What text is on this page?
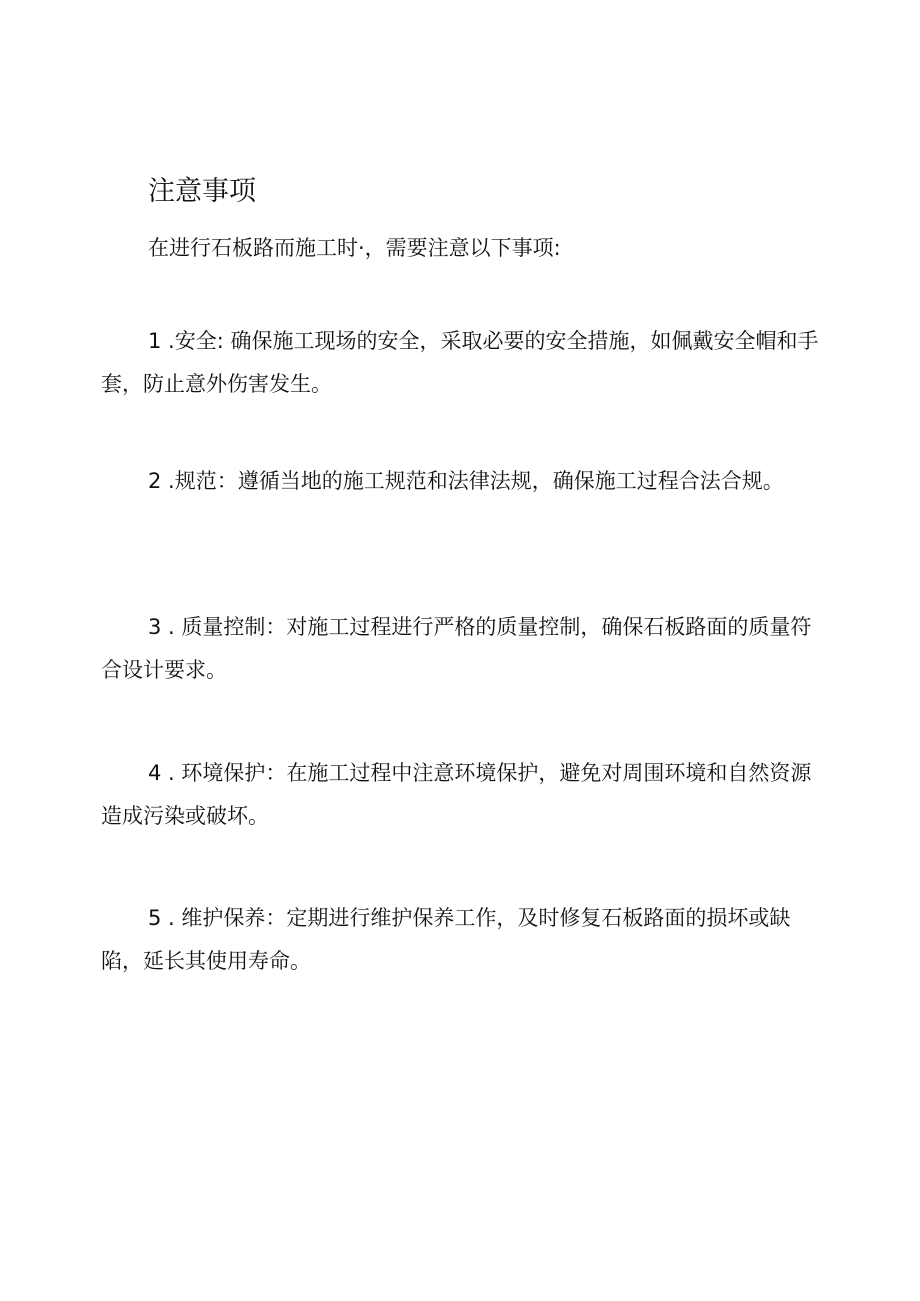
注意事项

在进行石板路而施工时·，需要注意以下事项:

1 .安全: 确保施工现场的安全，采取必要的安全措施，如佩戴安全帽和手套，防止意外伤害发生。

2 .规范：遵循当地的施工规范和法律法规，确保施工过程合法合规。

3 . 质量控制：对施工过程进行严格的质量控制，确保石板路面的质量符合设计要求。

4 . 环境保护：在施工过程中注意环境保护，避免对周围环境和自然资源造成污染或破坏。

5 . 维护保养：定期进行维护保养工作，及时修复石板路面的损坏或缺陷，延长其使用寿命。
